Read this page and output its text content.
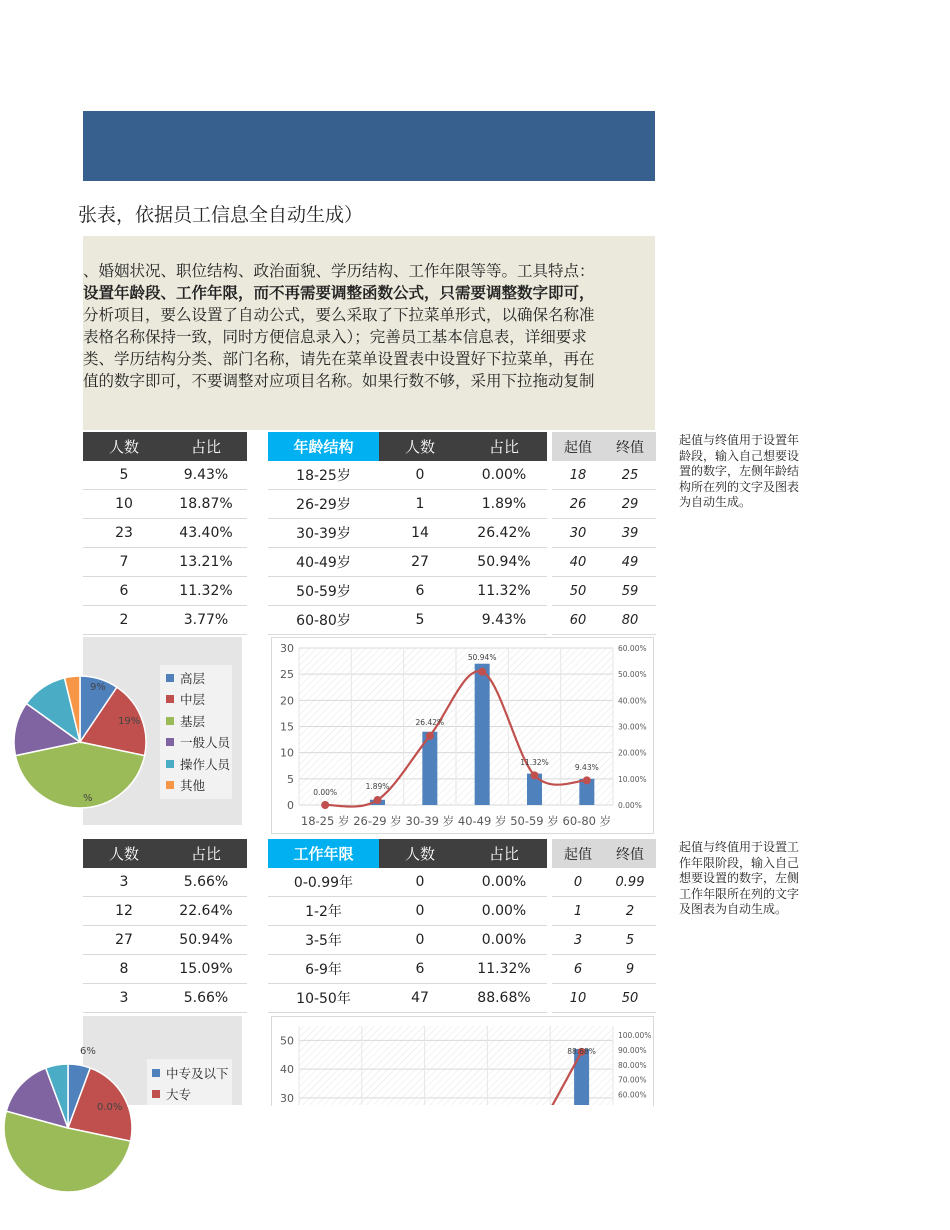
张表，依据员工信息全自动生成）
、婚姻状况、职位结构、政治面貌、学历结构、工作年限等等。工具特点：
设置年龄段、工作年限，而不再需要调整函数公式，只需要调整数字即可，
分析项目，要么设置了自动公式，要么采取了下拉菜单形式，以确保名称准
表格名称保持一致，同时方便信息录入）；完善员工基本信息表，详细要求
类、学历结构分类、部门名称，请先在菜单设置表中设置好下拉菜单，再在
值的数字即可，不要调整对应项目名称。如果行数不够，采用下拉拖动复制
人数	占比
5	9.43%
10	18.87%
23	43.40%
7	13.21%
6	11.32%
2	3.77%
年龄结构	人数	占比
18-25岁	0	0.00%
26-29岁	1	1.89%
30-39岁	14	26.42%
40-49岁	27	50.94%
50-59岁	6	11.32%
60-80岁	5	9.43%
起值	终值
18	25
26	29
30	39
40	49
50	59
60	80
起值与终值用于设置年龄段，输入自己想要设置的数字，左侧年龄结构所在列的文字及图表为自动生成。
高层
中层
基层
一般人员
操作人员
其他
9%
19%
%
0
5
10
15
20
25
30
0.00%
10.00%
20.00%
30.00%
40.00%
50.00%
60.00%
18-25 岁 26-29 岁 30-39 岁 40-49 岁 50-59 岁 60-80 岁
0.00%
1.89%
26.42%
50.94%
11.32%
9.43%
人数	占比
3	5.66%
12	22.64%
27	50.94%
8	15.09%
3	5.66%
工作年限	人数	占比
0-0.99年	0	0.00%
1-2年	0	0.00%
3-5年	0	0.00%
6-9年	6	11.32%
10-50年	47	88.68%
起值	终值
0	0.99
1	2
3	5
6	9
10	50
起值与终值用于设置工作年限阶段，输入自己想要设置的数字，左侧工作年限所在列的文字及图表为自动生成。
中专及以下
大专
0.0%
6%
30
40
50
60.00%
70.00%
80.00%
90.00%
100.00%
88.68%
